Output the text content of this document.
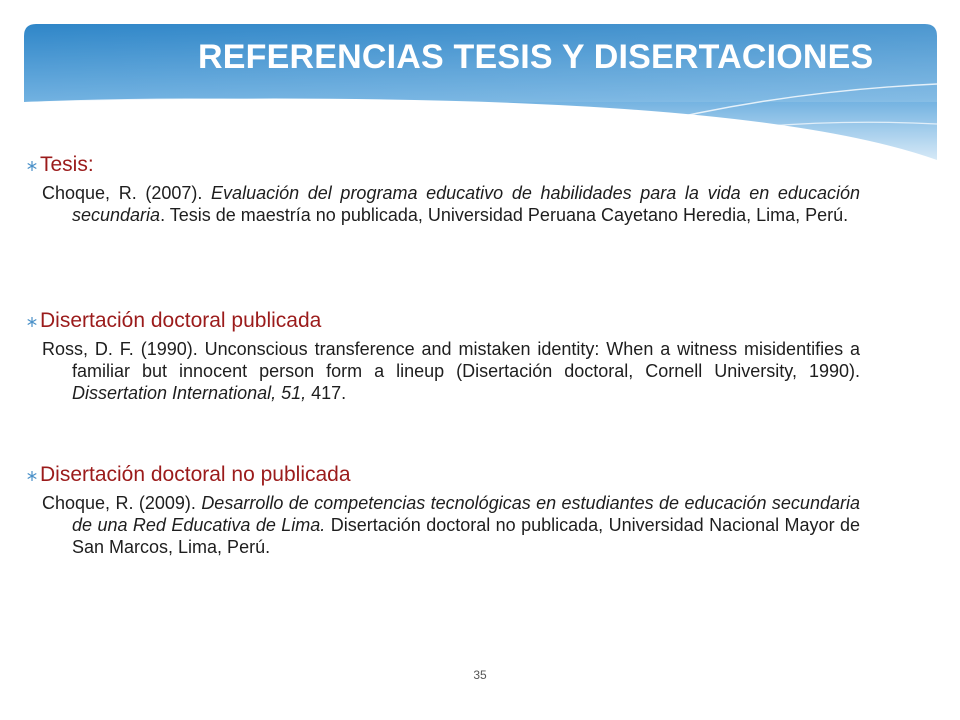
REFERENCIAS TESIS Y DISERTACIONES
Tesis:
Choque, R. (2007). Evaluación del programa educativo de habilidades para la vida en educación secundaria. Tesis de maestría no publicada, Universidad Peruana Cayetano Heredia, Lima, Perú.
Disertación doctoral publicada
Ross, D. F. (1990). Unconscious transference and mistaken identity: When a witness misidentifies a familiar but innocent person form a lineup (Disertación doctoral, Cornell University, 1990). Dissertation International, 51, 417.
Disertación doctoral no publicada
Choque, R. (2009). Desarrollo de competencias tecnológicas en estudiantes de educación secundaria de una Red Educativa de Lima. Disertación doctoral no publicada, Universidad Nacional Mayor de San Marcos, Lima, Perú.
35
